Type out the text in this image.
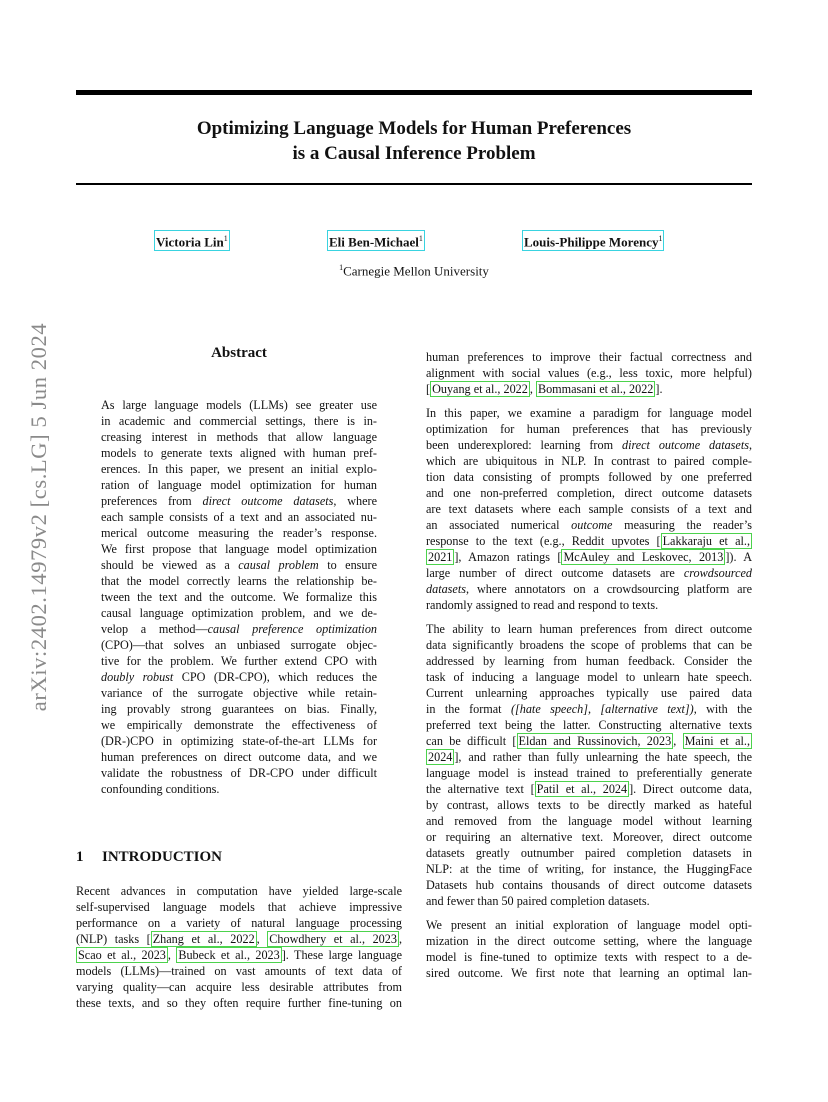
Optimizing Language Models for Human Preferences
is a Causal Inference Problem
Victoria Lin$^1$	Eli Ben-Michael$^1$	Louis-Philippe Morency$^1$
$^1$Carnegie Mellon University
arXiv:2402.14979v2 [cs.LG] 5 Jun 2024	Abstract
As large language models (LLMs) see greater use
in academic and commercial settings, there is in-
creasing interest in methods that allow language
models to generate texts aligned with human pref-
erences. In this paper, we present an initial explo-
ration of language model optimization for human
preferences from direct outcome datasets, where
each sample consists of a text and an associated nu-
merical outcome measuring the reader’s response.
We first propose that language model optimization
should be viewed as a causal problem to ensure
that the model correctly learns the relationship be-
tween the text and the outcome. We formalize this
causal language optimization problem, and we de-
velop a method—causal preference optimization
(CPO)—that solves an unbiased surrogate objec-
tive for the problem. We further extend CPO with
doubly robust CPO (DR-CPO), which reduces the
variance of the surrogate objective while retain-
ing provably strong guarantees on bias. Finally,
we empirically demonstrate the effectiveness of
(DR-)CPO in optimizing state-of-the-art LLMs for
human preferences on direct outcome data, and we
validate the robustness of DR-CPO under difficult
confounding conditions.
1 INTRODUCTION
Recent advances in computation have yielded large-scale
self-supervised language models that achieve impressive
performance on a variety of natural language processing
(NLP) tasks [ Zhang et al., 2022 , Chowdhery et al., 2023 ,
Scao et al., 2023 , Bubeck et al., 2023 ]. These large language
models (LLMs)—trained on vast amounts of text data of
varying quality—can acquire less desirable attributes from
these texts, and so they often require further fine-tuning on
human preferences to improve their factual correctness and
alignment with social values (e.g., less toxic, more helpful)
[ Ouyang et al., 2022 , Bommasani et al., 2022 ].
In this paper, we examine a paradigm for language model
optimization for human preferences that has previously
been underexplored: learning from direct outcome datasets,
which are ubiquitous in NLP. In contrast to paired comple-
tion data consisting of prompts followed by one preferred
and one non-preferred completion, direct outcome datasets
are text datasets where each sample consists of a text and
an associated numerical outcome measuring the reader’s
response to the text (e.g., Reddit upvotes [ Lakkaraju et al.,
2021 ], Amazon ratings [ McAuley and Leskovec, 2013 ]). A
large number of direct outcome datasets are crowdsourced
datasets, where annotators on a crowdsourcing platform are
randomly assigned to read and respond to texts.
The ability to learn human preferences from direct outcome
data significantly broadens the scope of problems that can be
addressed by learning from human feedback. Consider the
task of inducing a language model to unlearn hate speech.
Current unlearning approaches typically use paired data
in the format ([hate speech], [alternative text]), with the
preferred text being the latter. Constructing alternative texts
can be difficult [ Eldan and Russinovich, 2023 , Maini et al.,
2024 ], and rather than fully unlearning the hate speech, the
language model is instead trained to preferentially generate
the alternative text [ Patil et al., 2024 ]. Direct outcome data,
by contrast, allows texts to be directly marked as hateful
and removed from the language model without learning
or requiring an alternative text. Moreover, direct outcome
datasets greatly outnumber paired completion datasets in
NLP: at the time of writing, for instance, the HuggingFace
Datasets hub contains thousands of direct outcome datasets
and fewer than 50 paired completion datasets.
We present an initial exploration of language model opti-
mization in the direct outcome setting, where the language
model is fine-tuned to optimize texts with respect to a de-
sired outcome. We first note that learning an optimal lan-
